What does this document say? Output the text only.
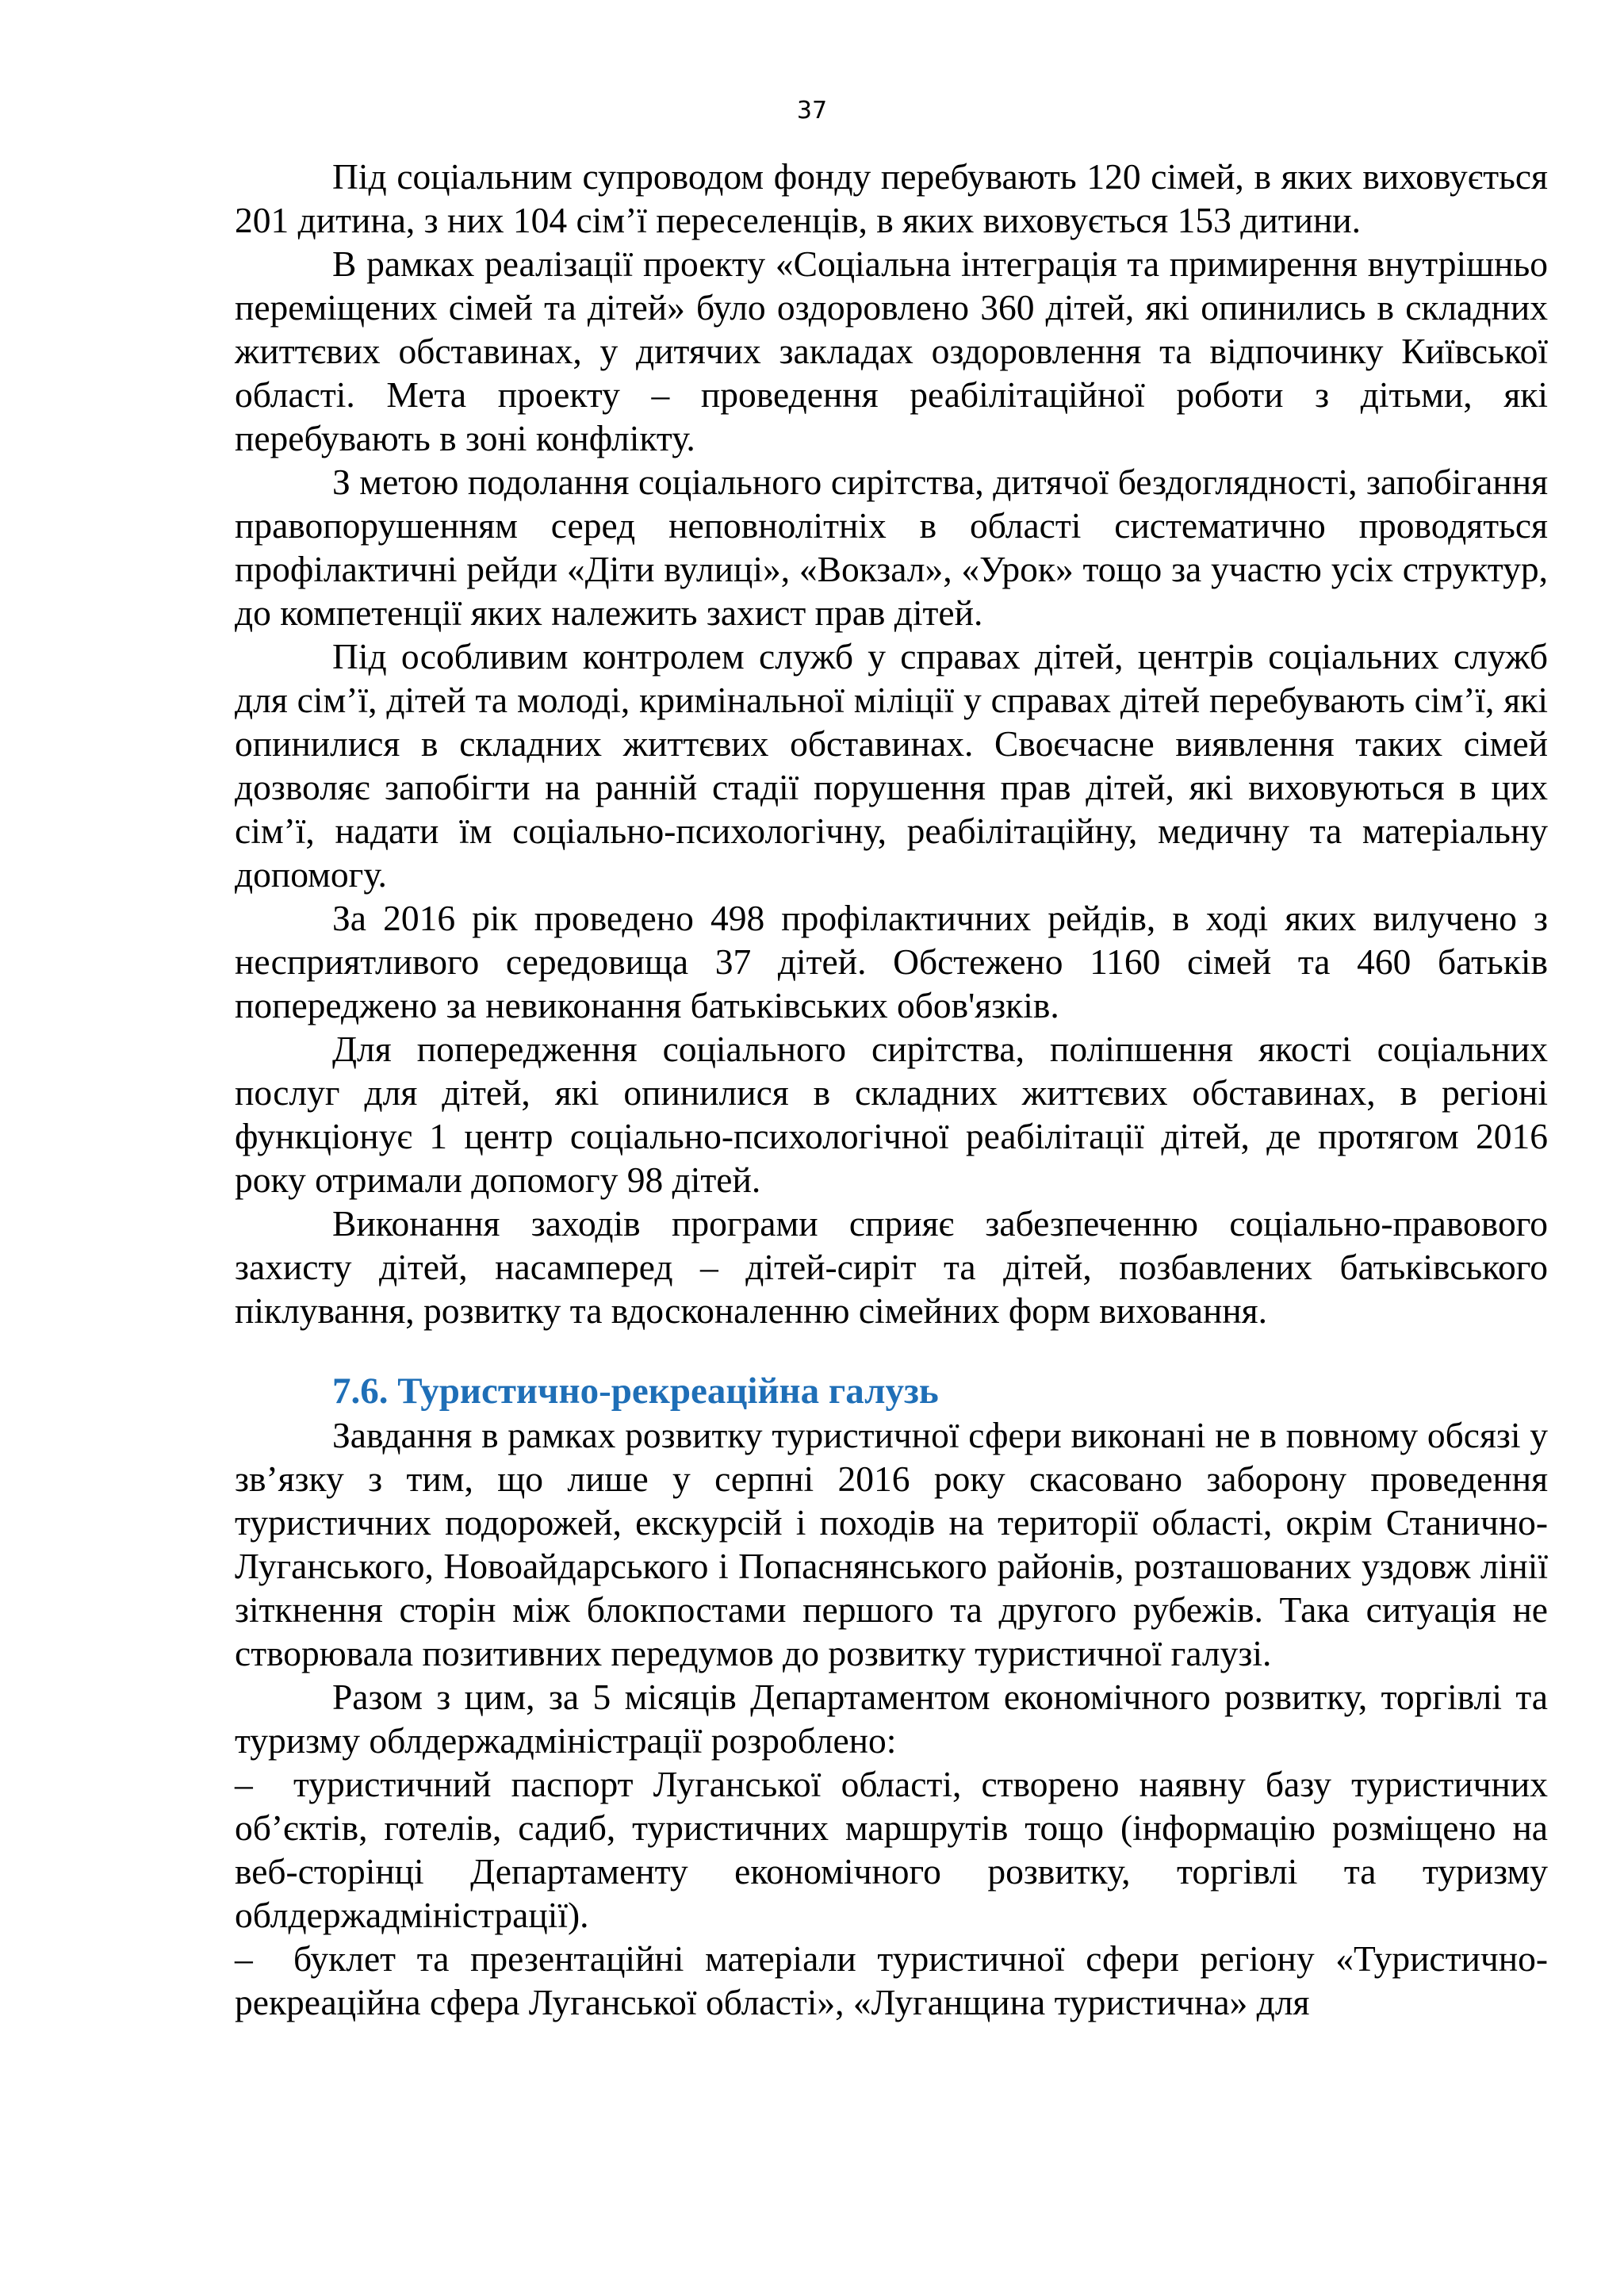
37

Під соціальним супроводом фонду перебувають 120 сімей, в яких виховується 201 дитина, з них 104 сім’ї переселенців, в яких виховується 153 дитини.

В рамках реалізації проекту «Соціальна інтеграція та примирення внутрішньо переміщених сімей та дітей» було оздоровлено 360 дітей, які опинились в складних життєвих обставинах, у дитячих закладах оздоровлення та відпочинку Київської області. Мета проекту – проведення реабілітаційної роботи з дітьми, які перебувають в зоні конфлікту.

З метою подолання соціального сирітства, дитячої бездоглядності, запобігання правопорушенням серед неповнолітніх в області систематично проводяться профілактичні рейди «Діти вулиці», «Вокзал», «Урок» тощо за участю усіх структур, до компетенції яких належить захист прав дітей.

Під особливим контролем служб у справах дітей, центрів соціальних служб для сім’ї, дітей та молоді, кримінальної міліції у справах дітей перебувають сім’ї, які опинилися в складних життєвих обставинах. Своєчасне виявлення таких сімей дозволяє запобігти на ранній стадії порушення прав дітей, які виховуються в цих сім’ї, надати їм соціально-психологічну, реабілітаційну, медичну та матеріальну допомогу.

За 2016 рік проведено 498 профілактичних рейдів, в ході яких вилучено з несприятливого середовища 37 дітей. Обстежено 1160 сімей та 460 батьків попереджено за невиконання батьківських обов'язків.

Для попередження соціального сирітства, поліпшення якості соціальних послуг для дітей, які опинилися в складних життєвих обставинах, в регіоні функціонує 1 центр соціально-психологічної реабілітації дітей, де протягом 2016 року отримали допомогу 98 дітей.

Виконання заходів програми сприяє забезпеченню соціально-правового захисту дітей, насамперед – дітей-сиріт та дітей, позбавлених батьківського піклування, розвитку та вдосконаленню сімейних форм виховання.

7.6. Туристично-рекреаційна галузь

Завдання в рамках розвитку туристичної сфери виконані не в повному обсязі у зв’язку з тим, що лише у серпні 2016 року скасовано заборону проведення туристичних подорожей, екскурсій і походів на території області, окрім Станично-Луганського, Новоайдарського і Попаснянського районів, розташованих уздовж лінії зіткнення сторін між блокпостами першого та другого рубежів. Така ситуація не створювала позитивних передумов до розвитку туристичної галузі.

Разом з цим, за 5 місяців Департаментом економічного розвитку, торгівлі та туризму облдержадміністрації розроблено:

– туристичний паспорт Луганської області, створено наявну базу туристичних об’єктів, готелів, садиб, туристичних маршрутів тощо (інформацію розміщено на веб-сторінці Департаменту економічного розвитку, торгівлі та туризму облдержадміністрації).

– буклет та презентаційні матеріали туристичної сфери регіону «Туристично-рекреаційна сфера Луганської області», «Луганщина туристична» для
